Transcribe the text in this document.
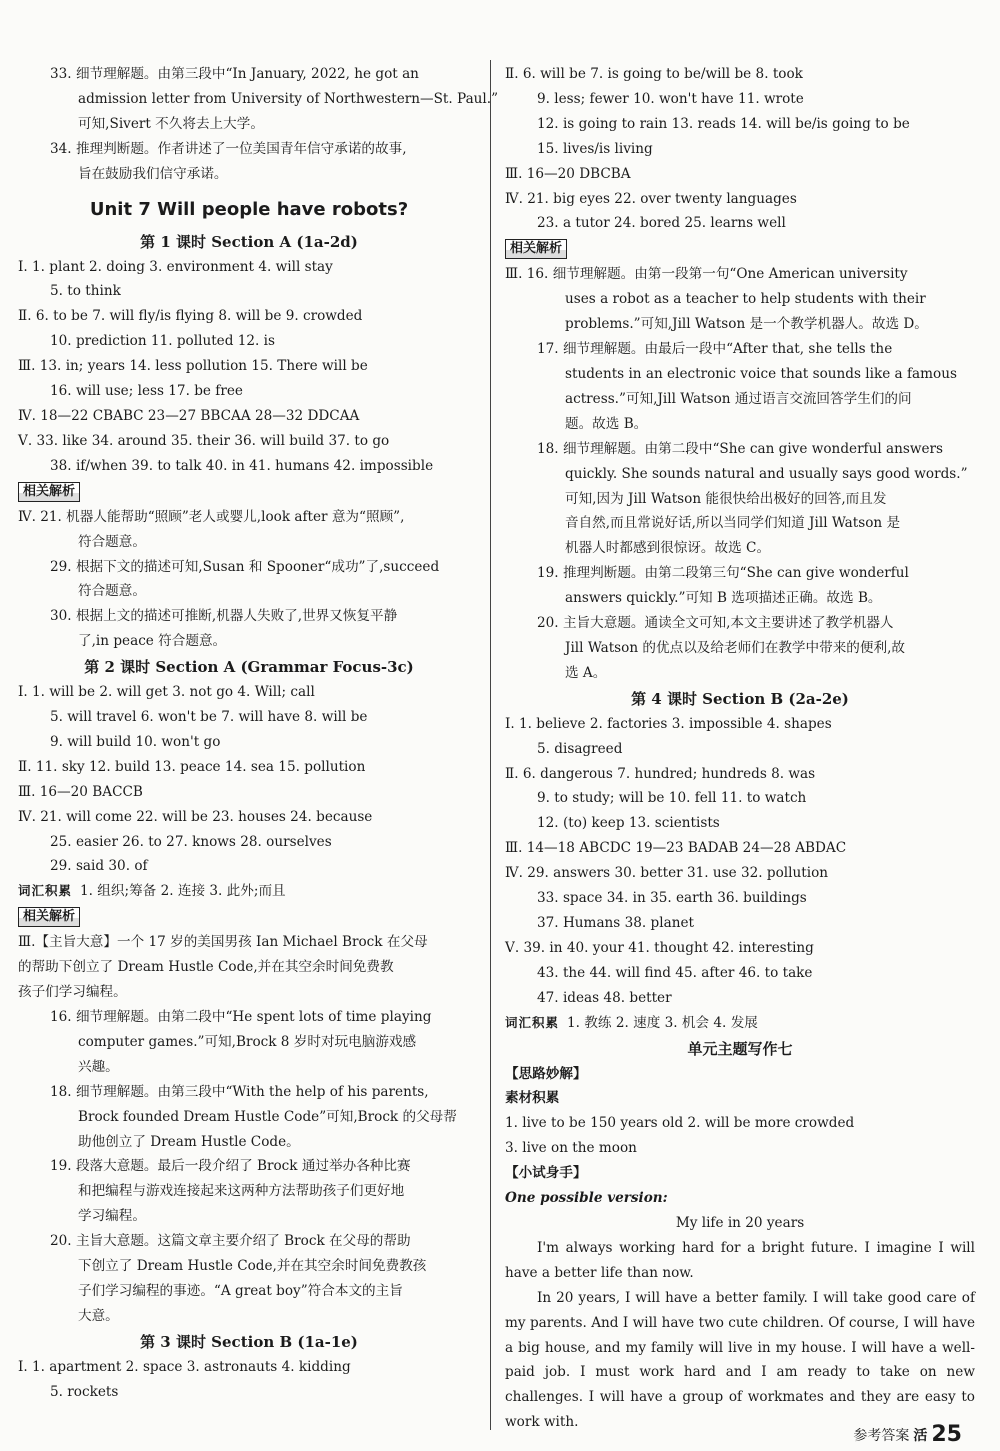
33. 细节理解题。由第三段中“In January, 2022, he got an
admission letter from University of Northwestern—St. Paul.”
可知,Sivert 不久将去上大学。
34. 推理判断题。作者讲述了一位美国青年信守承诺的故事,
旨在鼓励我们信守承诺。
Unit 7 Will people have robots?
第 1 课时 Section A (1a-2d)
Ⅰ. 1. plant 2. doing 3. environment 4. will stay
5. to think
Ⅱ. 6. to be 7. will fly/is flying 8. will be 9. crowded
10. prediction 11. polluted 12. is
Ⅲ. 13. in; years 14. less pollution 15. There will be
16. will use; less 17. be free
Ⅳ. 18—22 CBABC 23—27 BBCAA 28—32 DDCAA
Ⅴ. 33. like 34. around 35. their 36. will build 37. to go
38. if/when 39. to talk 40. in 41. humans 42. impossible
相关解析
Ⅳ. 21. 机器人能帮助“照顾”老人或婴儿,look after 意为“照顾”,
符合题意。
29. 根据下文的描述可知,Susan 和 Spooner“成功”了,succeed
符合题意。
30. 根据上文的描述可推断,机器人失败了,世界又恢复平静
了,in peace 符合题意。
第 2 课时 Section A (Grammar Focus-3c)
Ⅰ. 1. will be 2. will get 3. not go 4. Will; call
5. will travel 6. won't be 7. will have 8. will be
9. will build 10. won't go
Ⅱ. 11. sky 12. build 13. peace 14. sea 15. pollution
Ⅲ. 16—20 BACCB
Ⅳ. 21. will come 22. will be 23. houses 24. because
25. easier 26. to 27. knows 28. ourselves
29. said 30. of
词汇积累 1. 组织;筹备 2. 连接 3. 此外;而且
相关解析
Ⅲ.【主旨大意】一个 17 岁的美国男孩 Ian Michael Brock 在父母
的帮助下创立了 Dream Hustle Code,并在其空余时间免费教
孩子们学习编程。
16. 细节理解题。由第二段中“He spent lots of time playing
computer games.”可知,Brock 8 岁时对玩电脑游戏感
兴趣。
18. 细节理解题。由第三段中“With the help of his parents,
Brock founded Dream Hustle Code”可知,Brock 的父母帮
助他创立了 Dream Hustle Code。
19. 段落大意题。最后一段介绍了 Brock 通过举办各种比赛
和把编程与游戏连接起来这两种方法帮助孩子们更好地
学习编程。
20. 主旨大意题。这篇文章主要介绍了 Brock 在父母的帮助
下创立了 Dream Hustle Code,并在其空余时间免费教孩
子们学习编程的事迹。“A great boy”符合本文的主旨
大意。
第 3 课时 Section B (1a-1e)
Ⅰ. 1. apartment 2. space 3. astronauts 4. kidding
5. rockets
Ⅱ. 6. will be 7. is going to be/will be 8. took
9. less; fewer 10. won't have 11. wrote
12. is going to rain 13. reads 14. will be/is going to be
15. lives/is living
Ⅲ. 16—20 DBCBA
Ⅳ. 21. big eyes 22. over twenty languages
23. a tutor 24. bored 25. learns well
相关解析
Ⅲ. 16. 细节理解题。由第一段第一句“One American university
uses a robot as a teacher to help students with their
problems.”可知,Jill Watson 是一个教学机器人。故选 D。
17. 细节理解题。由最后一段中“After that, she tells the
students in an electronic voice that sounds like a famous
actress.”可知,Jill Watson 通过语言交流回答学生们的问
题。故选 B。
18. 细节理解题。由第二段中“She can give wonderful answers
quickly. She sounds natural and usually says good words.”
可知,因为 Jill Watson 能很快给出极好的回答,而且发
音自然,而且常说好话,所以当同学们知道 Jill Watson 是
机器人时都感到很惊讶。故选 C。
19. 推理判断题。由第二段第三句“She can give wonderful
answers quickly.”可知 B 选项描述正确。故选 B。
20. 主旨大意题。通读全文可知,本文主要讲述了教学机器人
Jill Watson 的优点以及给老师们在教学中带来的便利,故
选 A。
第 4 课时 Section B (2a-2e)
Ⅰ. 1. believe 2. factories 3. impossible 4. shapes
5. disagreed
Ⅱ. 6. dangerous 7. hundred; hundreds 8. was
9. to study; will be 10. fell 11. to watch
12. (to) keep 13. scientists
Ⅲ. 14—18 ABCDC 19—23 BADAB 24—28 ABDAC
Ⅳ. 29. answers 30. better 31. use 32. pollution
33. space 34. in 35. earth 36. buildings
37. Humans 38. planet
Ⅴ. 39. in 40. your 41. thought 42. interesting
43. the 44. will find 45. after 46. to take
47. ideas 48. better
词汇积累 1. 教练 2. 速度 3. 机会 4. 发展
单元主题写作七
【思路妙解】
素材积累
1. live to be 150 years old 2. will be more crowded
3. live on the moon
【小试身手】
One possible version:
My life in 20 years

I'm always working hard for a bright future. I imagine I will have a better life than now.

In 20 years, I will have a better family. I will take good care of my parents. And I will have two cute children. Of course, I will have a big house, and my family will live in my house. I will have a well-paid job. I must work hard and I am ready to take on new challenges. I will have a group of workmates and they are easy to work with.

参考答案 活 25
